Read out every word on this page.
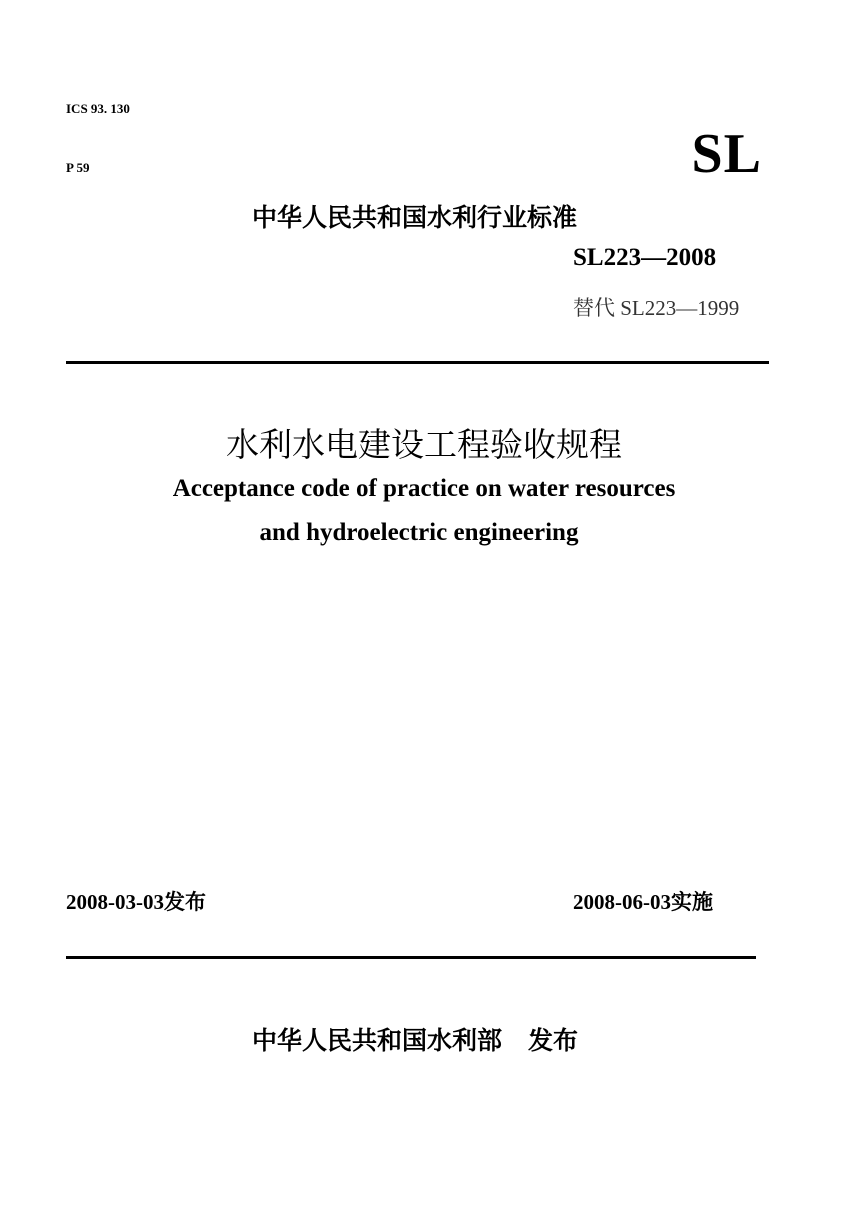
ICS 93. 130
P 59	SL
中华人民共和国水利行业标准
SL223—2008
替代 SL223—1999
水利水电建设工程验收规程
Acceptance code of practice on water resources
and hydroelectric engineering
2008-03-03发布	2008-06-03实施
中华人民共和国水利部 发布
